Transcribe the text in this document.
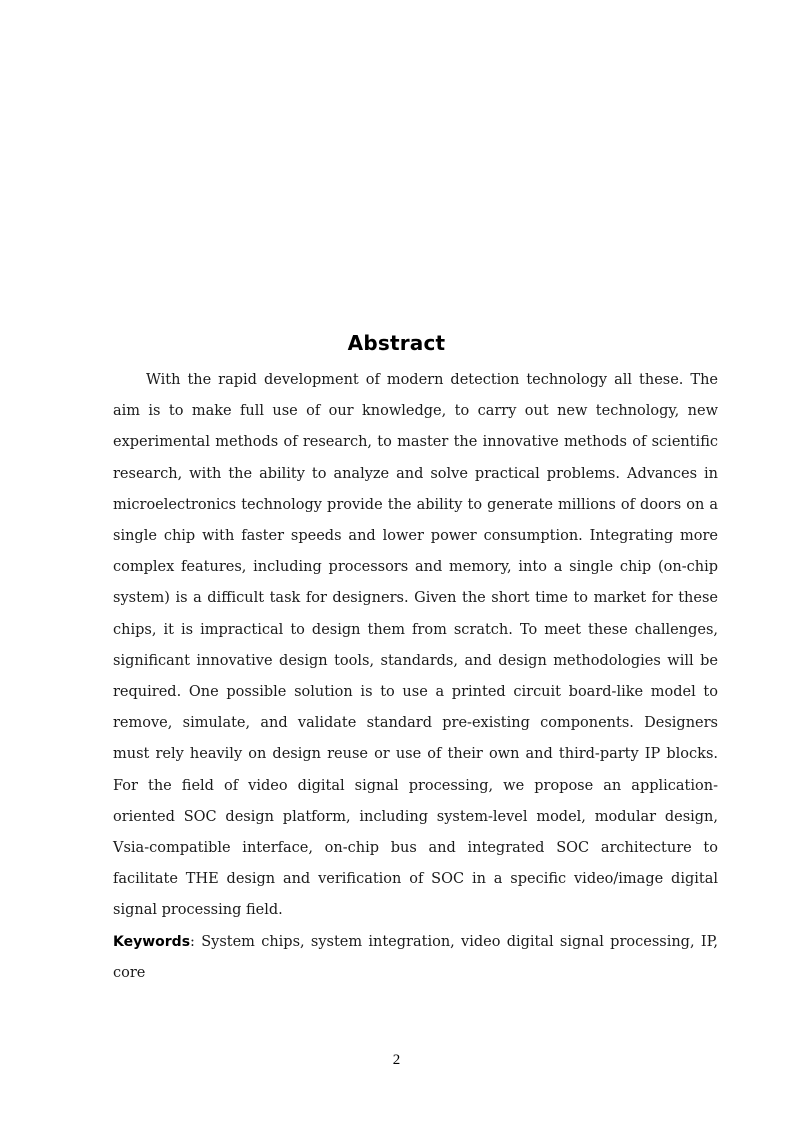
Abstract

With the rapid development of modern detection technology all these. The aim is to make full use of our knowledge, to carry out new technology, new experimental methods of research, to master the innovative methods of scientific research, with the ability to analyze and solve practical problems. Advances in microelectronics technology provide the ability to generate millions of doors on a single chip with faster speeds and lower power consumption. Integrating more complex features, including processors and memory, into a single chip (on-chip system) is a difficult task for designers. Given the short time to market for these chips, it is impractical to design them from scratch. To meet these challenges, significant innovative design tools, standards, and design methodologies will be required. One possible solution is to use a printed circuit board-like model to remove, simulate, and validate standard pre-existing components. Designers must rely heavily on design reuse or use of their own and third-party IP blocks. For the field of video digital signal processing, we propose an application-oriented SOC design platform, including system-level model, modular design, Vsia-compatible interface, on-chip bus and integrated SOC architecture to facilitate THE design and verification of SOC in a specific video/image digital signal processing field.

Keywords: System chips, system integration, video digital signal processing, IP, core

2
